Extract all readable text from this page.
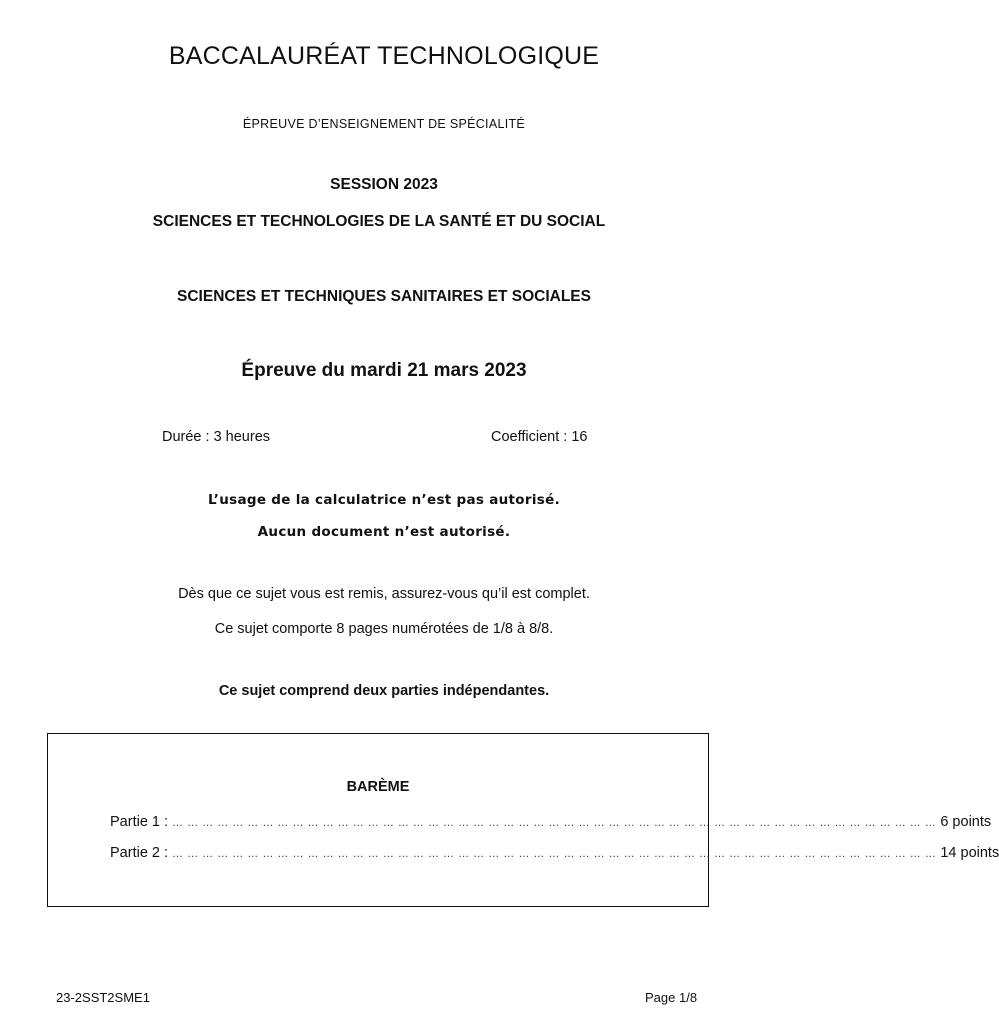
BACCALAURÉAT TECHNOLOGIQUE
ÉPREUVE D’ENSEIGNEMENT DE SPÉCIALITÉ
SESSION 2023
SCIENCES ET TECHNOLOGIES DE LA SANTÉ ET DU SOCIAL
SCIENCES ET TECHNIQUES SANITAIRES ET SOCIALES
Épreuve du mardi 21 mars 2023
Durée : 3 heures	Coefficient : 16
L’usage de la calculatrice n’est pas autorisé.
Aucun document n’est autorisé.
Dès que ce sujet vous est remis, assurez-vous qu’il est complet.
Ce sujet comporte 8 pages numérotées de 1/8 à 8/8.
Ce sujet comprend deux parties indépendantes.
BARÈME
Partie 1 : … … … … … … … … … … … … … … … … … … … … … … … … … … … … … … … … … … … … … … … … … … … … … … … … … … … 6 points
Partie 2 : … … … … … … … … … … … … … … … … … … … … … … … … … … … … … … … … … … … … … … … … … … … … … … … … … … … 14 points
23-2SST2SME1	Page 1/8
